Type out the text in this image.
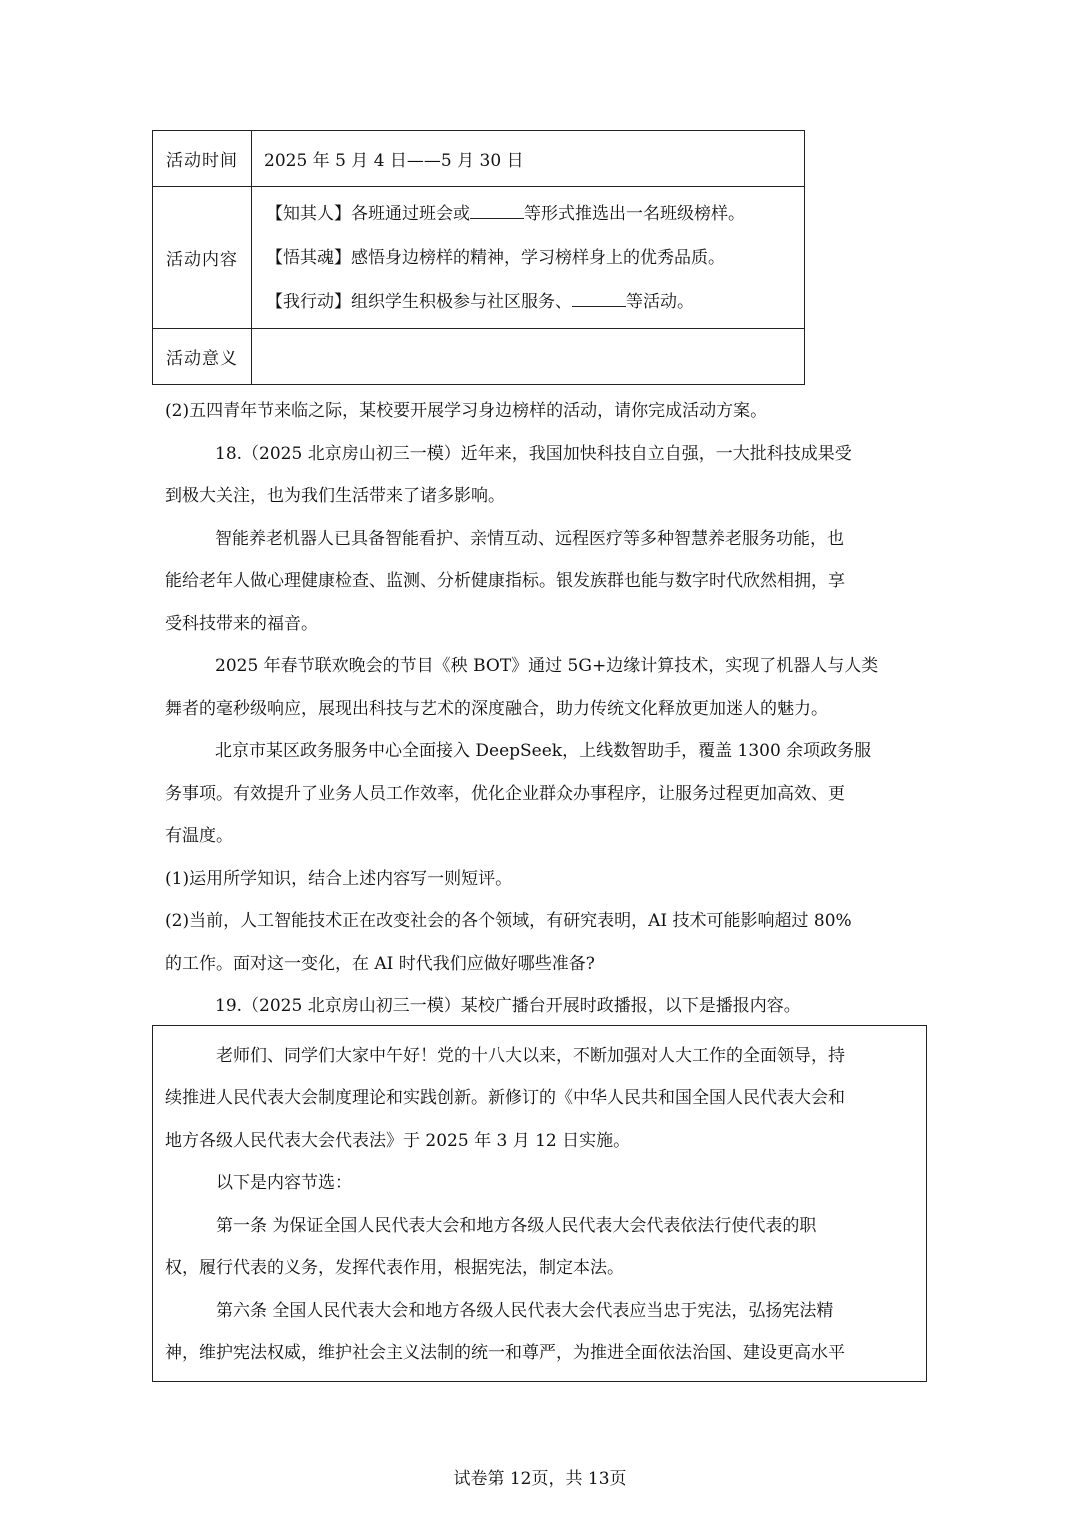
活动时间	2025 年 5 月 4 日——5 月 30 日
活动内容	【知其人】各班通过班会或 等形式推选出一名班级榜样。
【悟其魂】感悟身边榜样的精神，学习榜样身上的优秀品质。
【我行动】组织学生积极参与社区服务、 等活动。

活动意义	
(2)五四青年节来临之际，某校要开展学习身边榜样的活动，请你完成活动方案。
18.（2025 北京房山初三一模）近年来，我国加快科技自立自强，一大批科技成果受
到极大关注，也为我们生活带来了诸多影响。
智能养老机器人已具备智能看护、亲情互动、远程医疗等多种智慧养老服务功能，也
能给老年人做心理健康检查、监测、分析健康指标。银发族群也能与数字时代欣然相拥，享
受科技带来的福音。
2025 年春节联欢晚会的节目《秧 BOT》通过 5G+边缘计算技术，实现了机器人与人类
舞者的毫秒级响应，展现出科技与艺术的深度融合，助力传统文化释放更加迷人的魅力。
北京市某区政务服务中心全面接入 DeepSeek，上线数智助手，覆盖 1300 余项政务服
务事项。有效提升了业务人员工作效率，优化企业群众办事程序，让服务过程更加高效、更
有温度。
(1)运用所学知识，结合上述内容写一则短评。
(2)当前，人工智能技术正在改变社会的各个领域，有研究表明，AI 技术可能影响超过 80%
的工作。面对这一变化，在 AI 时代我们应做好哪些准备?
19.（2025 北京房山初三一模）某校广播台开展时政播报，以下是播报内容。
老师们、同学们大家中午好！党的十八大以来，不断加强对人大工作的全面领导，持
续推进人民代表大会制度理论和实践创新。新修订的《中华人民共和国全国人民代表大会和
地方各级人民代表大会代表法》于 2025 年 3 月 12 日实施。
以下是内容节选：
第一条 为保证全国人民代表大会和地方各级人民代表大会代表依法行使代表的职
权，履行代表的义务，发挥代表作用，根据宪法，制定本法。
第六条 全国人民代表大会和地方各级人民代表大会代表应当忠于宪法，弘扬宪法精
神，维护宪法权威，维护社会主义法制的统一和尊严，为推进全面依法治国、建设更高水平
试卷第 12页，共 13页
